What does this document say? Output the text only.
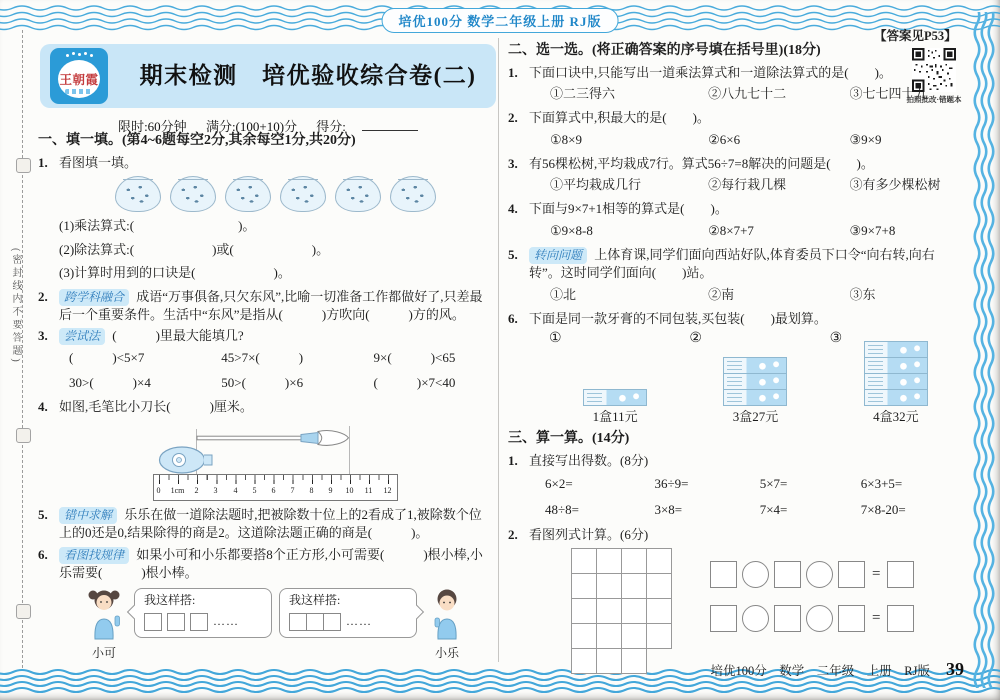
培优100分 数学二年级上册 RJ版
【答案见P53】
(密封线内不要答题)
王朝霞	期末检测　培优验收综合卷(二)
拍照批改·错题本
限时:60分钟 满分:(100+10)分 得分:
一、填一填。(第4~6题每空2分,其余每空1分,共20分)
1. 看图填一填。
(1)乘法算式:(　　　　　　　　)。
(2)除法算式:(　　　　　　)或(　　　　　　)。
(3)计算时用到的口诀是(　　　　　　)。
2. 跨学科融合 成语“万事俱备,只欠东风”,比喻一切准备工作都做好了,只差最后一个重要条件。生活中“东风”是指从(　　　)方吹向(　　　)方的风。
3. 尝试法 (　　　)里最大能填几?
(　　　)<5×7	45>7×(　　　)	9×(　　　)<65
30>(　　　)×4	50>(　　　)×6	(　　　)×7<40
4. 如图,毛笔比小刀长(　　　)厘米。
0	1cm	2	3	4	5	6	7	8	9	10	11	12
5. 错中求解 乐乐在做一道除法题时,把被除数十位上的2看成了1,被除数个位上的0还是0,结果除得的商是2。这道除法题正确的商是(　　　)。
6. 看图找规律 如果小可和小乐都要搭8个正方形,小可需要(　　　)根小棒,小乐需要(　　　)根小棒。
小可
我这样搭:
……
我这样搭:
……
小乐
二、选一选。(将正确答案的序号填在括号里)(18分)
1. 下面口诀中,只能写出一道乘法算式和一道除法算式的是(　　)。
①二三得六	②八九七十二	③七七四十九
2. 下面算式中,积最大的是(　　)。
①8×9	②6×6	③9×9
3. 有56棵松树,平均栽成7行。算式56÷7=8解决的问题是(　　)。
①平均栽成几行	②每行栽几棵	③有多少棵松树
4. 下面与9×7+1相等的算式是(　　)。
①9×8-8	②8×7+7	③9×7+8
5. 转向问题 上体育课,同学们面向西站好队,体育委员下口令“向右转,向右转”。这时同学们面向(　　)站。
①北	②南	③东
6. 下面是同一款牙膏的不同包装,买包装(　　)最划算。
①
1盒11元
②
3盒27元
③
4盒32元
三、算一算。(14分)
1. 直接写出得数。(8分)
6×2=	36÷9=	5×7=	6×3+5=
48÷8=	3×8=	7×4=	7×8-20=
2. 看图列式计算。(6分)
=
=
培优100分　数学　二年级　上册　RJ版 39
